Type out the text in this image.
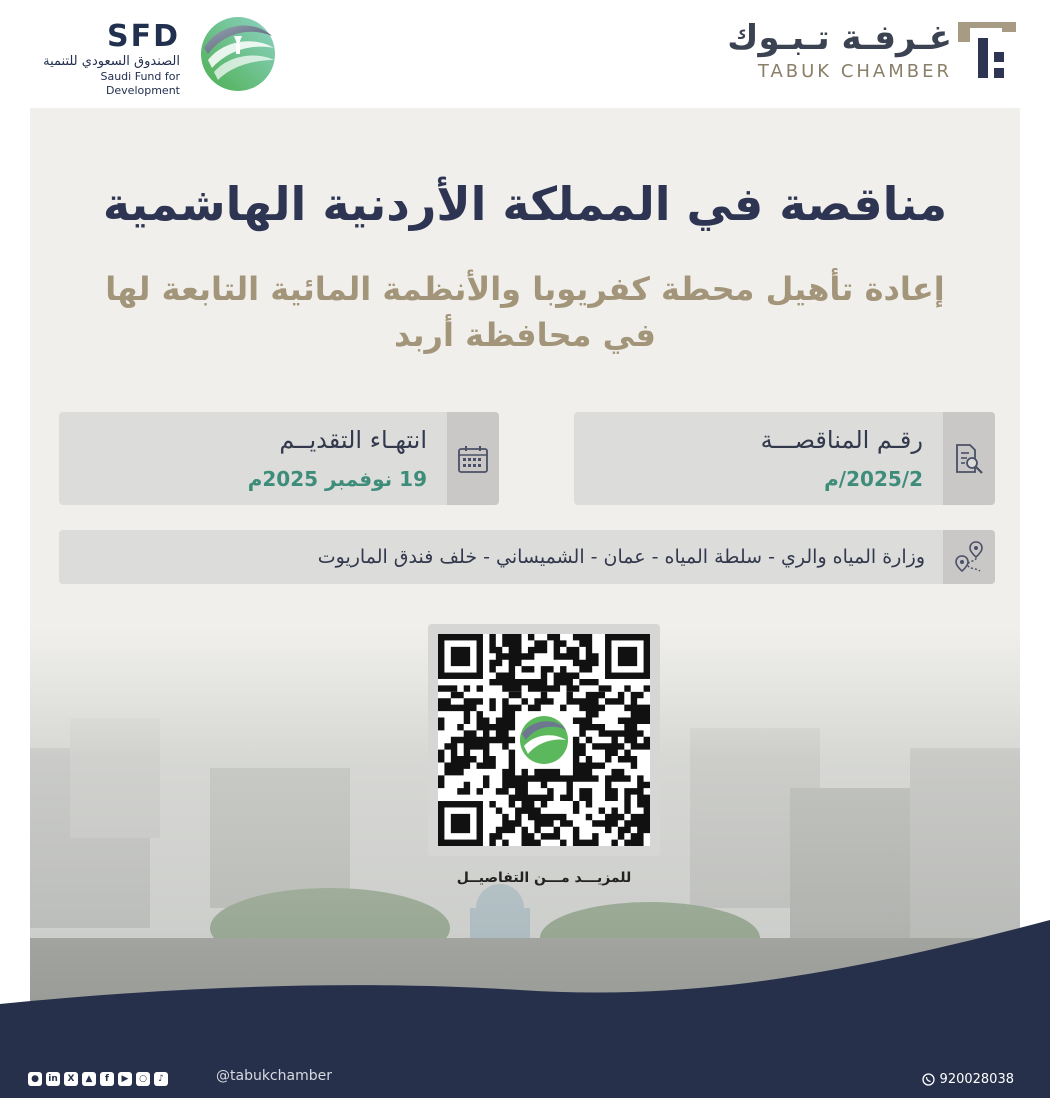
SFD
الصندوق السعودي للتنمية
Saudi Fund for Development
غـرفـة تـبـوك
TABUK CHAMBER
مناقصة في المملكة الأردنية الهاشمية
إعادة تأهيل محطة كفريوبا والأنظمة المائية التابعة لها
في محافظة أربد
رقـم المناقصـــة
2025/2/م
انتهـاء التقديــم
19 نوفمبر 2025م
وزارة المياه والري - سلطة المياه - عمان - الشميساني - خلف فندق الماريوت
للمزيـــد مـــن التفاصيــل
●	in	X	▲	f	▶	○	♪	@tabukchamber	920028038
